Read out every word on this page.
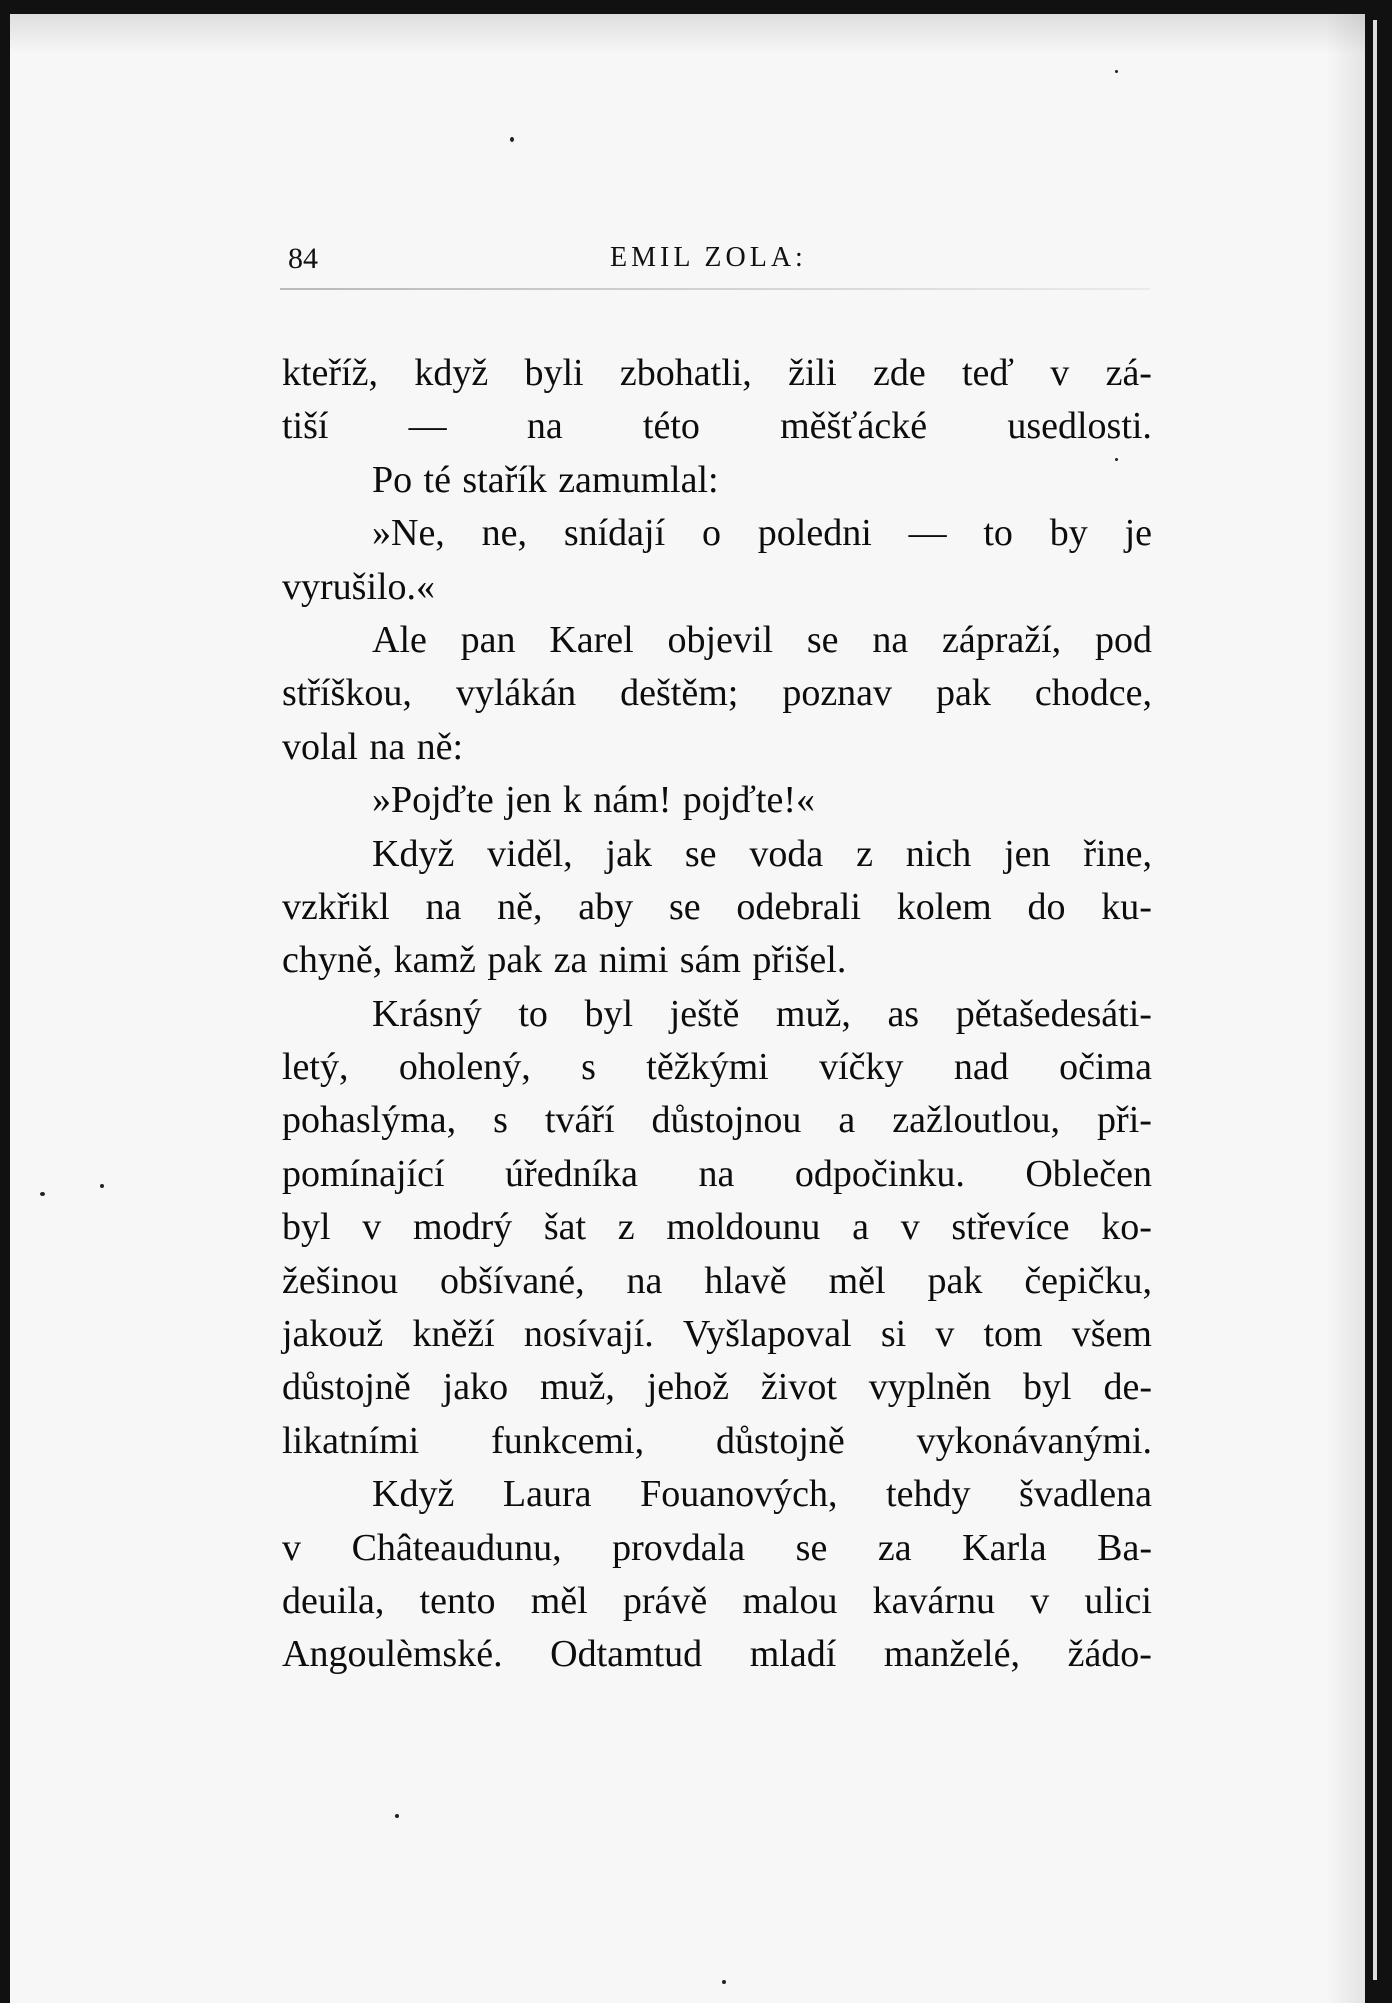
84	EMIL ZOLA:
kteříž, když byli zbohatli, žili zde teď v zá-
tiší — na této měšťácké usedlosti.
Po té stařík zamumlal:
»Ne, ne, snídají o poledni — to by je
vyrušilo.«
Ale pan Karel objevil se na zápraží, pod
stříškou, vylákán deštěm; poznav pak chodce,
volal na ně:
»Pojďte jen k nám! pojďte!«
Když viděl, jak se voda z nich jen řine,
vzkřikl na ně, aby se odebrali kolem do ku-
chyně, kamž pak za nimi sám přišel.
Krásný to byl ještě muž, as pětašedesáti-
letý, oholený, s těžkými víčky nad očima
pohaslýma, s tváří důstojnou a zažloutlou, při-
pomínající úředníka na odpočinku. Oblečen
byl v modrý šat z moldounu a v střevíce ko-
žešinou obšívané, na hlavě měl pak čepičku,
jakouž kněží nosívají. Vyšlapoval si v tom všem
důstojně jako muž, jehož život vyplněn byl de-
likatními funkcemi, důstojně vykonávanými.
Když Laura Fouanových, tehdy švadlena
v Châteaudunu, provdala se za Karla Ba-
deuila, tento měl právě malou kavárnu v ulici
Angoulèmské. Odtamtud mladí manželé, žádo-
